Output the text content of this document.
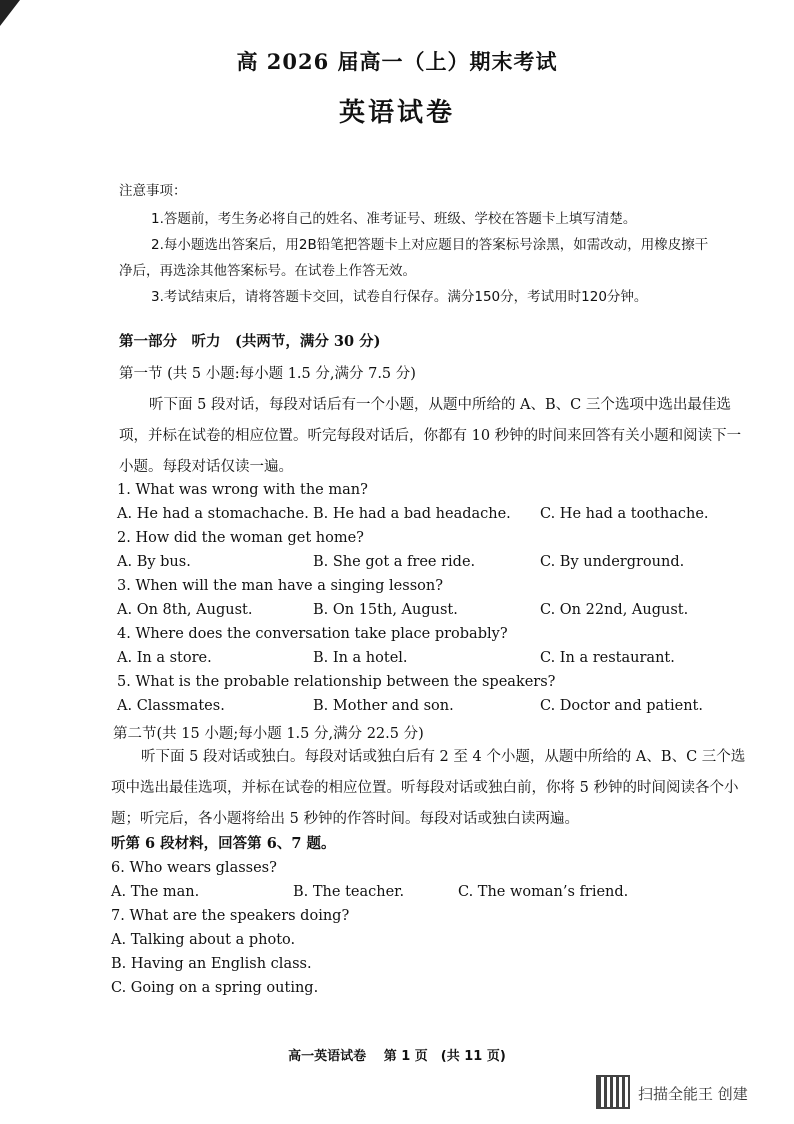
高 2026 届高一（上）期末考试
英语试卷
注意事项：
1.答题前，考生务必将自己的姓名、准考证号、班级、学校在答题卡上填写清楚。
2.每小题选出答案后，用2B铅笔把答题卡上对应题目的答案标号涂黑，如需改动，用橡皮擦干净后，再选涂其他答案标号。在试卷上作答无效。
3.考试结束后，请将答题卡交回，试卷自行保存。满分150分，考试用时120分钟。
第一部分　听力　(共两节，满分 30 分)
第一节 (共 5 小题:每小题 1.5 分,满分 7.5 分)
听下面 5 段对话，每段对话后有一个小题，从题中所给的 A、B、C 三个选项中选出最佳选项，并标在试卷的相应位置。听完每段对话后，你都有 10 秒钟的时间来回答有关小题和阅读下一小题。每段对话仅读一遍。
1. What was wrong with the man?
A. He had a stomachache. B. He had a bad headache. C. He had a toothache.
2. How did the woman get home?
A. By bus.	B. She got a free ride.	C. By underground.
3. When will the man have a singing lesson?
A. On 8th, August.	B. On 15th, August.	C. On 22nd, August.
4. Where does the conversation take place probably?
A. In a store.	B. In a hotel.	C. In a restaurant.
5. What is the probable relationship between the speakers?
A. Classmates.	B. Mother and son.	C. Doctor and patient.
第二节(共 15 小题;每小题 1.5 分,满分 22.5 分)
听下面 5 段对话或独白。每段对话或独白后有 2 至 4 个小题，从题中所给的 A、B、C 三个选项中选出最佳选项，并标在试卷的相应位置。听每段对话或独白前，你将 5 秒钟的时间阅读各个小题；听完后，各小题将给出 5 秒钟的作答时间。每段对话或独白读两遍。
听第 6 段材料，回答第 6、7 题。
6. Who wears glasses?
A. The man.	B. The teacher.	C. The woman’s friend.
7. What are the speakers doing?
A. Talking about a photo.
B. Having an English class.
C. Going on a spring outing.
高一英语试卷　 第 1 页　(共 11 页)
扫描全能王 创建
